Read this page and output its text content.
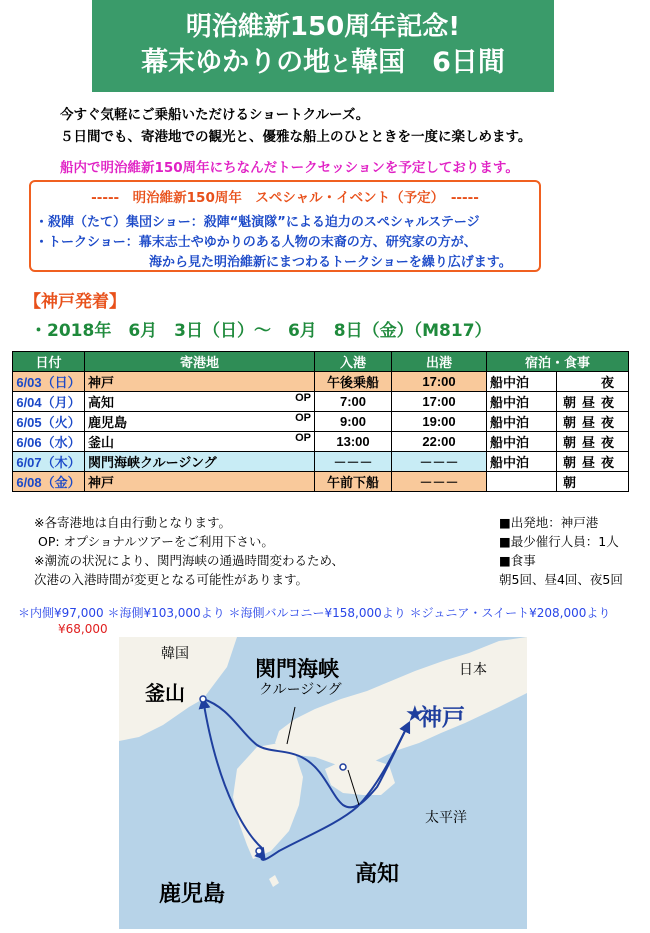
明治維新150周年記念!
幕末ゆかりの地と韓国　6日間
今すぐ気軽にご乗船いただけるショートクルーズ。
５日間でも、寄港地での観光と、優雅な船上のひとときを一度に楽しめます。
船内で明治維新150周年にちなんだトークセッションを予定しております。
-----　明治維新150周年　スペシャル・イベント（予定）　-----
・殺陣（たて）集団ショー：殺陣“魁演隊”による迫力のスペシャルステージ
・トークショー：幕末志士やゆかりのある人物の末裔の方、研究家の方が、
海から見た明治維新にまつわるトークショーを繰り広げます。
【神戸発着】
・2018年　6月　3日（日）～　6月　8日（金）（M817）
日付	寄港地	入港	出港	宿泊・食事	
6/03（日）	神戸	午後乗船	17:00	船中泊	夜
6/04（月）	高知 OP	7:00	17:00	船中泊	朝 昼 夜
6/05（火）	鹿児島 OP	9:00	19:00	船中泊	朝 昼 夜
6/06（水）	釜山 OP	13:00	22:00	船中泊	朝 昼 夜
6/07（木）	関門海峡クルージング	－－－	－－－	船中泊	朝 昼 夜
6/08（金）	神戸	午前下船	－－－		朝
※各寄港地は自由行動となります。
OP: オプショナルツアーをご利用下さい。
※潮流の状況により、関門海峡の通過時間変わるため、
次港の入港時間が変更となる可能性があります。
■出発地：神戸港
■最少催行人員：1人
■食事
朝5回、昼4回、夜5回
＊内側¥97,000 ＊海側¥103,000より ＊海側バルコニー¥158,000より ＊ジュニア・スイート¥208,000より
¥68,000
★
韓国
釜山
関門海峡
クルージング
日本
神戸
太平洋
高知
鹿児島
